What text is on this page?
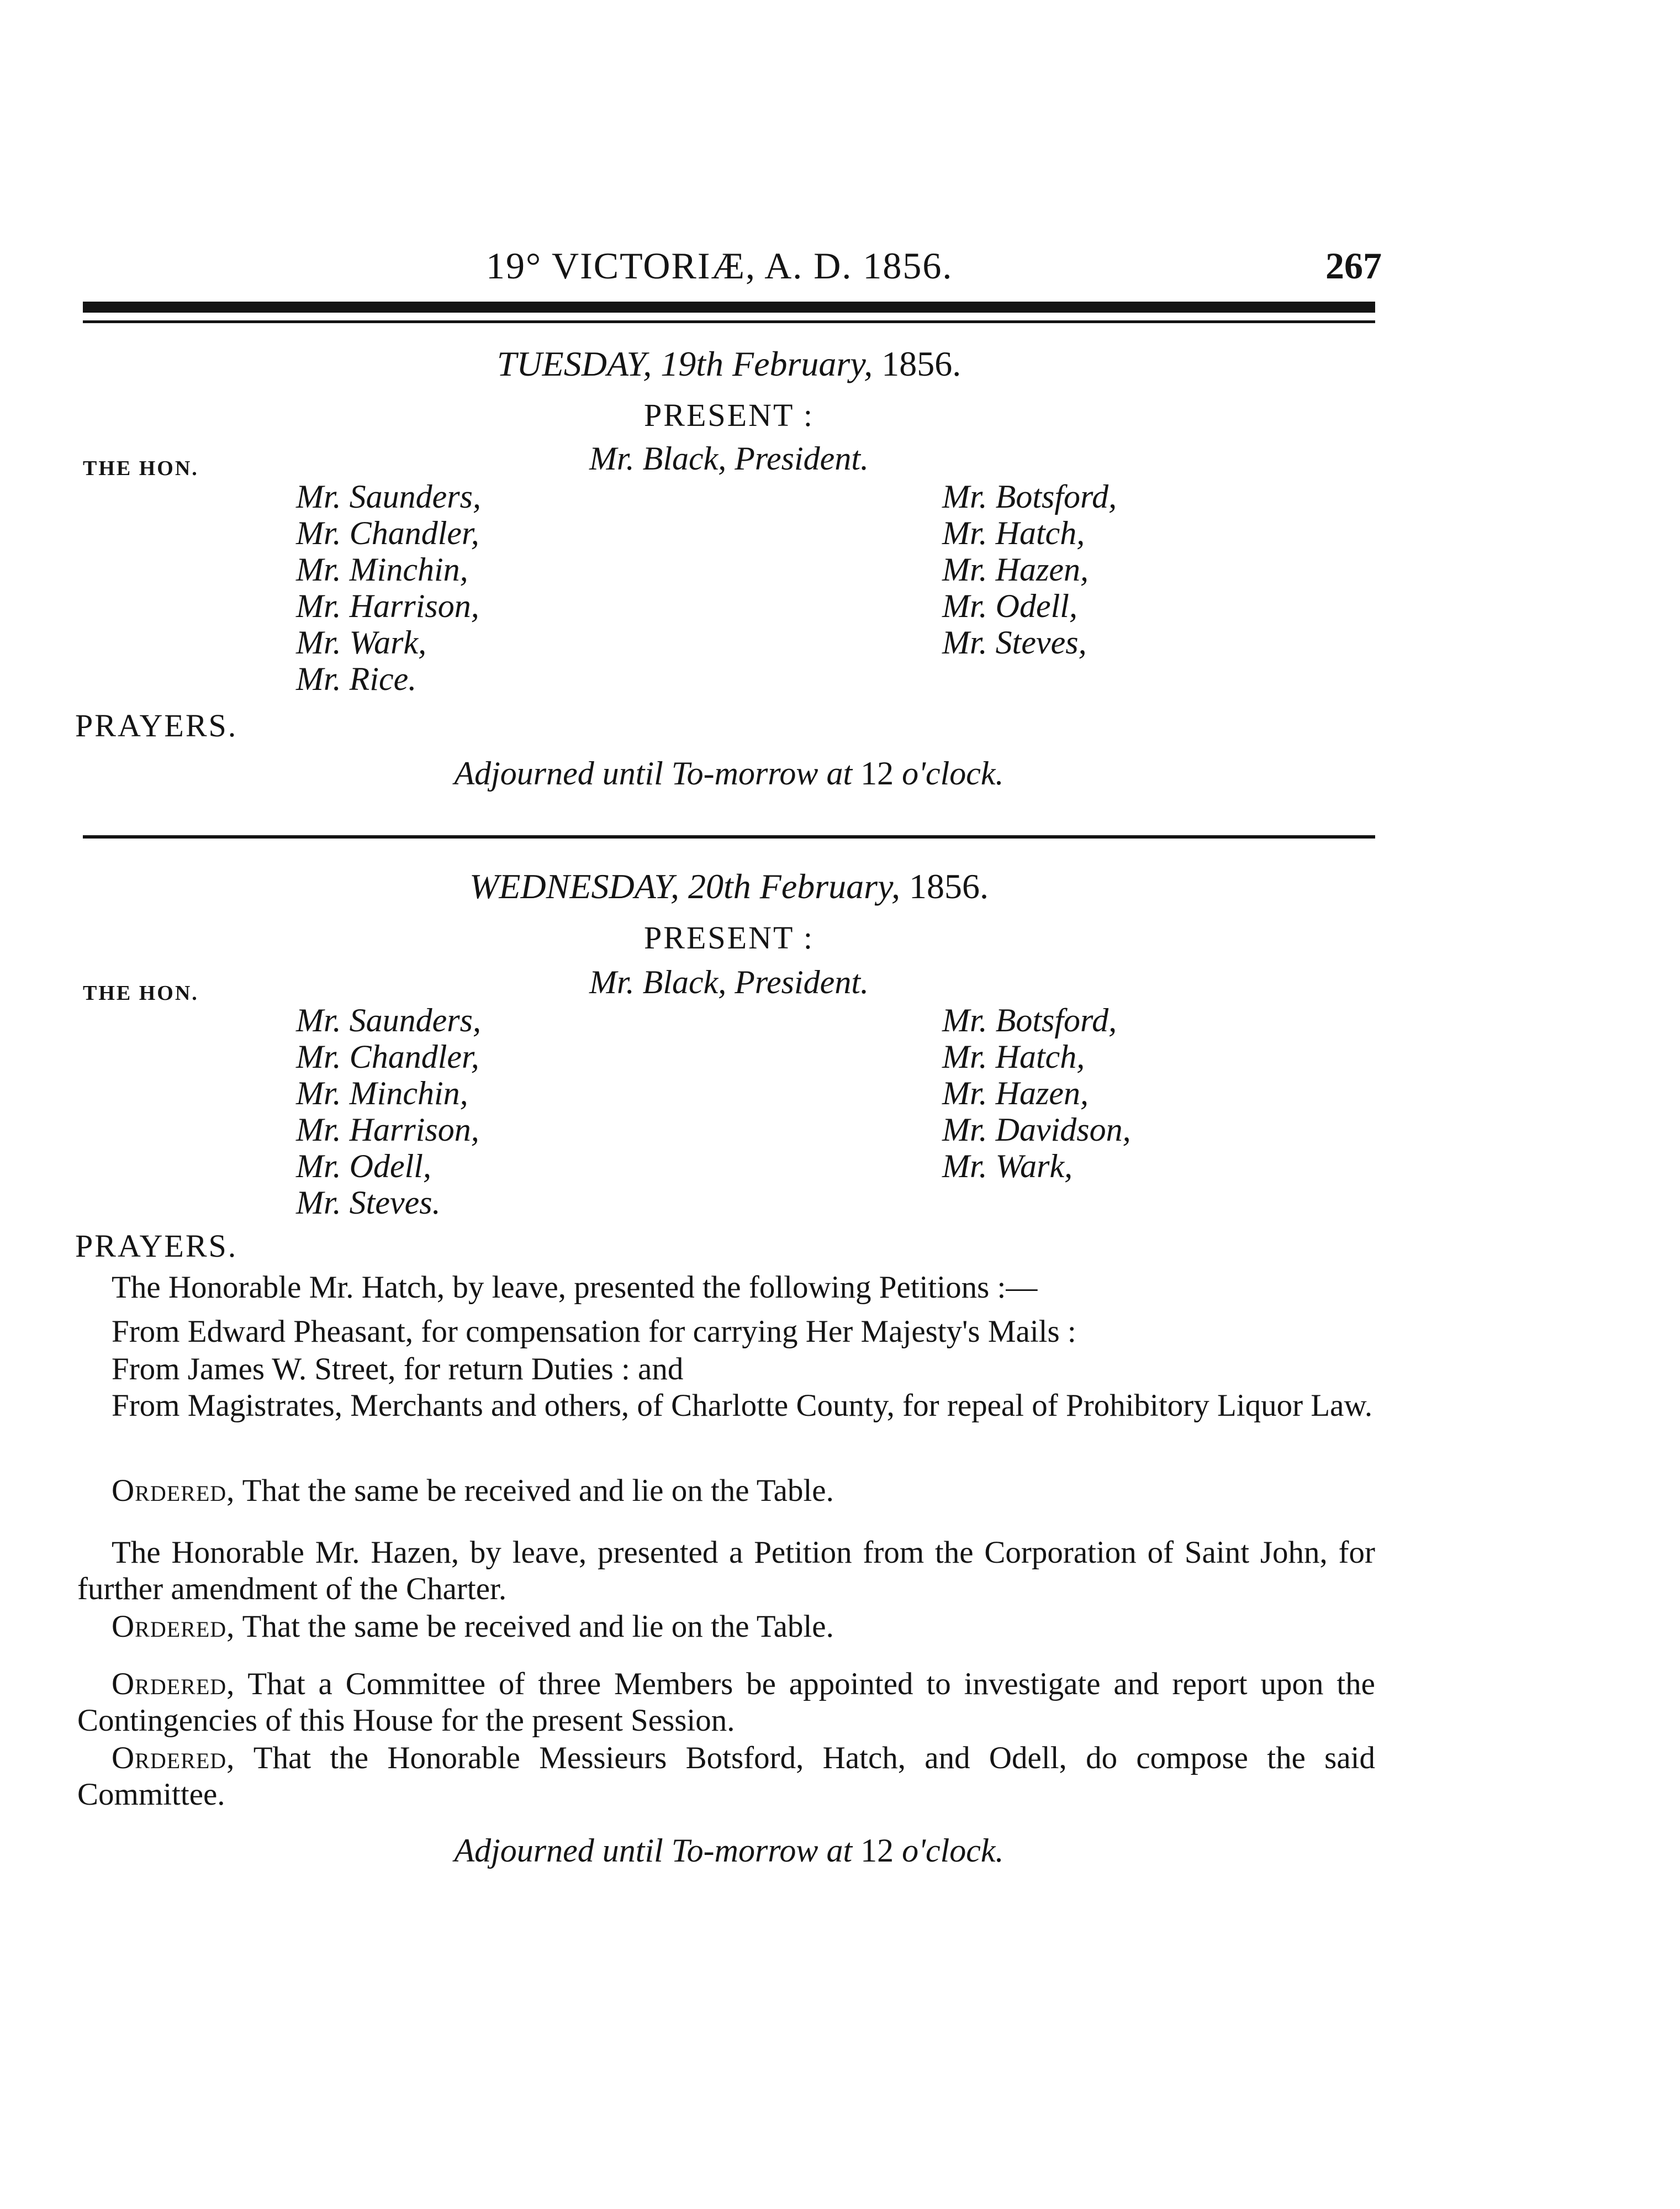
19° VICTORIÆ, A. D. 1856.	267
TUESDAY, 19th February, 1856.
PRESENT :
Mr. Black, President.
THE HON.
Mr. Saunders,
Mr. Chandler,
Mr. Minchin,
Mr. Harrison,
Mr. Wark,
Mr. Rice.
Mr. Botsford,
Mr. Hatch,
Mr. Hazen,
Mr. Odell,
Mr. Steves,
PRAYERS.
Adjourned until To-morrow at 12 o'clock.
WEDNESDAY, 20th February, 1856.
PRESENT :
Mr. Black, President.
THE HON.
Mr. Saunders,
Mr. Chandler,
Mr. Minchin,
Mr. Harrison,
Mr. Odell,
Mr. Steves.
Mr. Botsford,
Mr. Hatch,
Mr. Hazen,
Mr. Davidson,
Mr. Wark,
PRAYERS.
The Honorable Mr. Hatch, by leave, presented the following Petitions :—
From Edward Pheasant, for compensation for carrying Her Majesty's Mails :
From James W. Street, for return Duties : and
From Magistrates, Merchants and others, of Charlotte County, for repeal of Prohibitory Liquor Law.
Ordered, That the same be received and lie on the Table.
The Honorable Mr. Hazen, by leave, presented a Petition from the Corporation of Saint John, for further amendment of the Charter.
Ordered, That the same be received and lie on the Table.
Ordered, That a Committee of three Members be appointed to investigate and report upon the Contingencies of this House for the present Session.
Ordered, That the Honorable Messieurs Botsford, Hatch, and Odell, do compose the said Committee.
Adjourned until To-morrow at 12 o'clock.
